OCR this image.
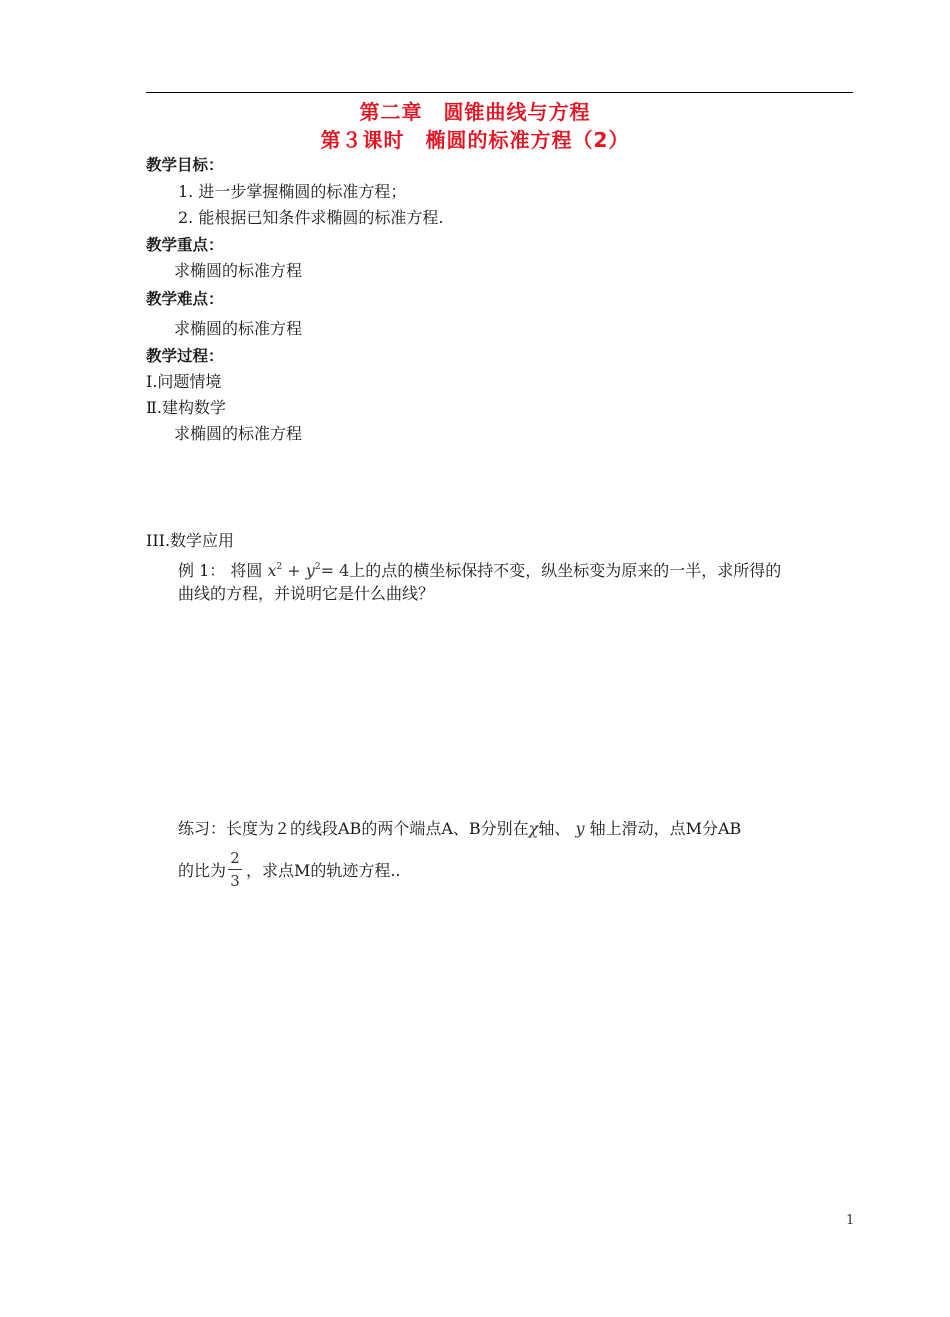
第二章　圆锥曲线与方程
第３课时　椭圆的标准方程（2）
教学目标：
1. 进一步掌握椭圆的标准方程；
2. 能根据已知条件求椭圆的标准方程.
教学重点：
求椭圆的标准方程
教学难点：
求椭圆的标准方程
教学过程：
Ⅰ.问题情境
Ⅱ.建构数学
求椭圆的标准方程
III.数学应用
例 1： 将圆 $x^2 + y^2= 4$上的点的横坐标保持不变，纵坐标变为原来的一半，求所得的
曲线的方程，并说明它是什么曲线？
练习：长度为２的线段AB的两个端点A、B分别在χ轴、 y 轴上滑动，点M分AB
的比为
2
3
，求点M的轨迹方程..
1
